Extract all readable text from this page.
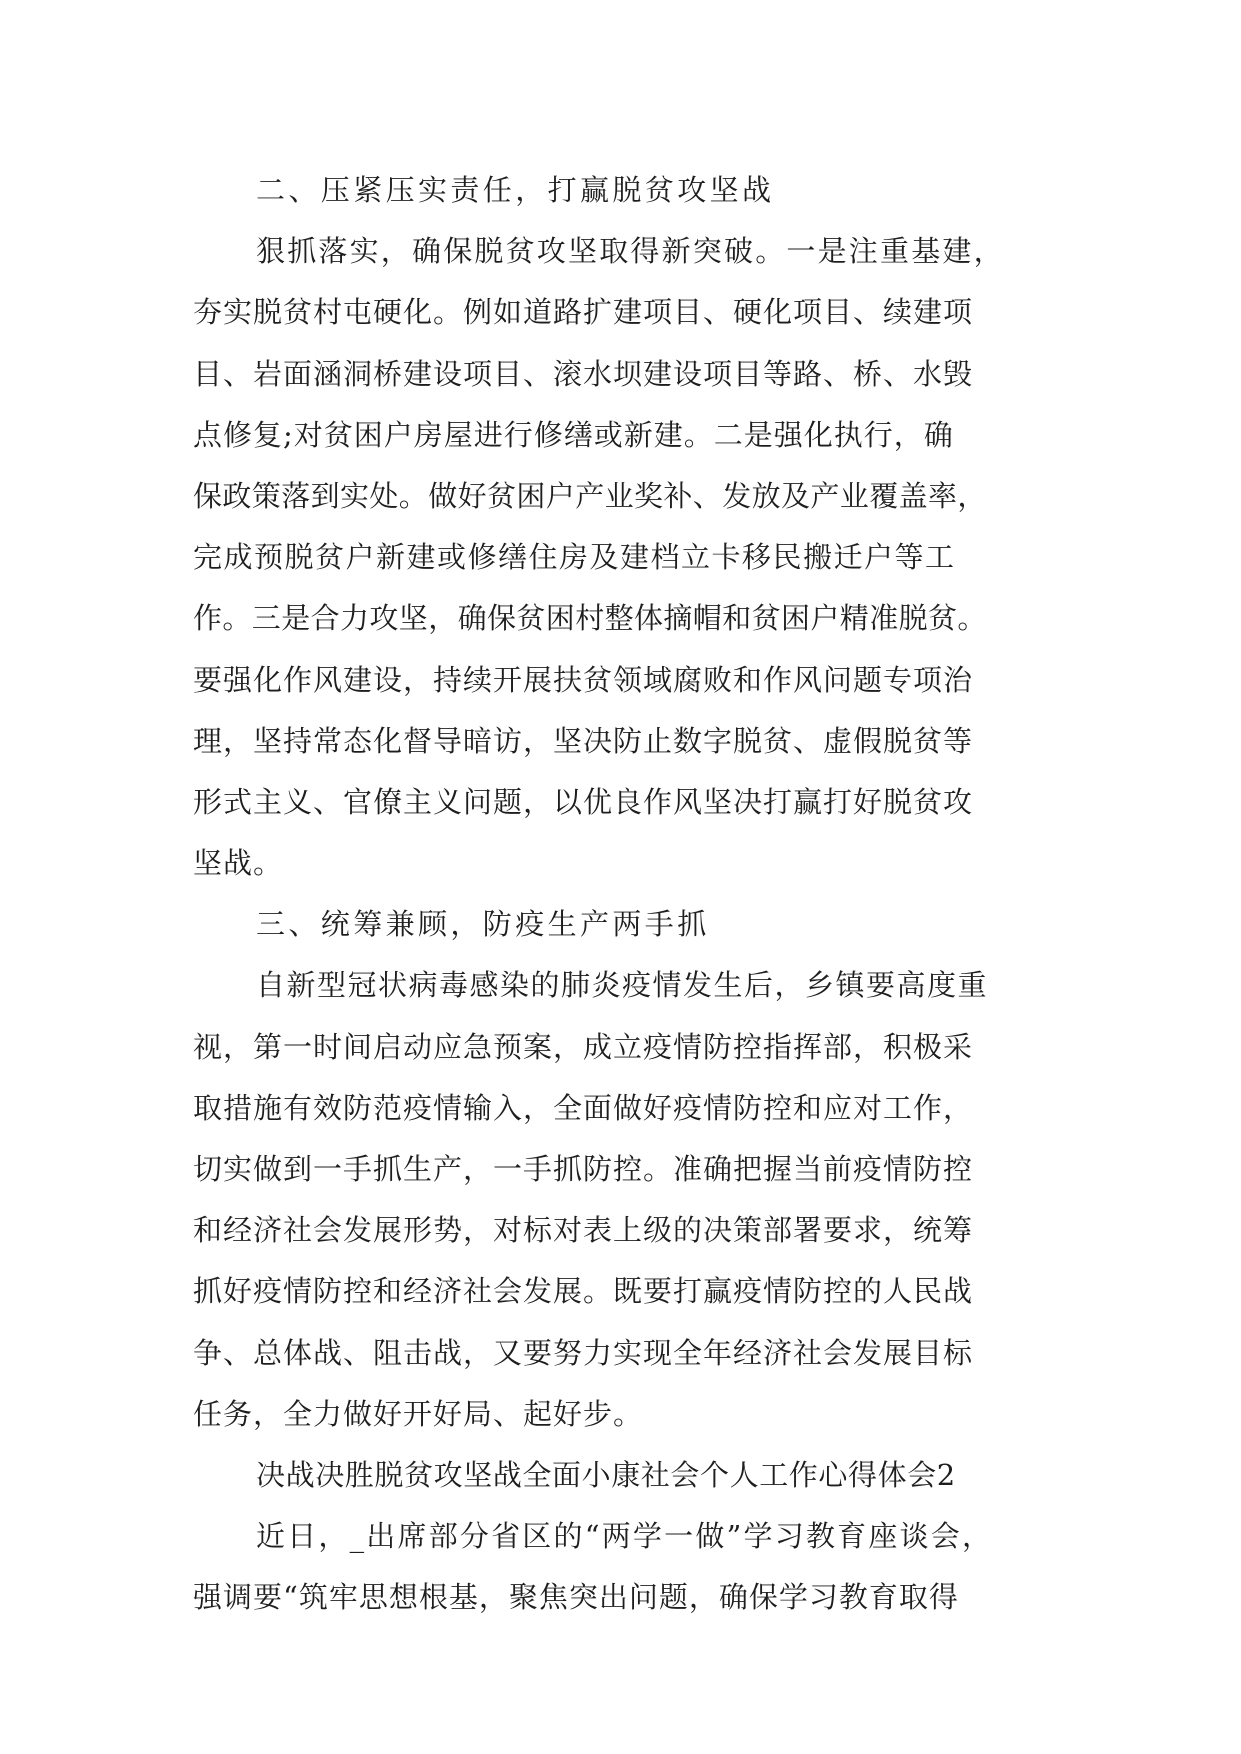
二、压紧压实责任，打赢脱贫攻坚战
狠抓落实，确保脱贫攻坚取得新突破。一是注重基建，
夯实脱贫村屯硬化。例如道路扩建项目、硬化项目、续建项
目、岩面涵洞桥建设项目、滚水坝建设项目等路、桥、水毁
点修复;对贫困户房屋进行修缮或新建。二是强化执行，确
保政策落到实处。做好贫困户产业奖补、发放及产业覆盖率，
完成预脱贫户新建或修缮住房及建档立卡移民搬迁户等工
作。三是合力攻坚，确保贫困村整体摘帽和贫困户精准脱贫。
要强化作风建设，持续开展扶贫领域腐败和作风问题专项治
理，坚持常态化督导暗访，坚决防止数字脱贫、虚假脱贫等
形式主义、官僚主义问题，以优良作风坚决打赢打好脱贫攻
坚战。
三、统筹兼顾，防疫生产两手抓
自新型冠状病毒感染的肺炎疫情发生后，乡镇要高度重
视，第一时间启动应急预案，成立疫情防控指挥部，积极采
取措施有效防范疫情输入，全面做好疫情防控和应对工作，
切实做到一手抓生产，一手抓防控。准确把握当前疫情防控
和经济社会发展形势，对标对表上级的决策部署要求，统筹
抓好疫情防控和经济社会发展。既要打赢疫情防控的人民战
争、总体战、阻击战，又要努力实现全年经济社会发展目标
任务，全力做好开好局、起好步。
决战决胜脱贫攻坚战全面小康社会个人工作心得体会2
近日，_出席部分省区的“两学一做”学习教育座谈会，
强调要“筑牢思想根基，聚焦突出问题，确保学习教育取得
